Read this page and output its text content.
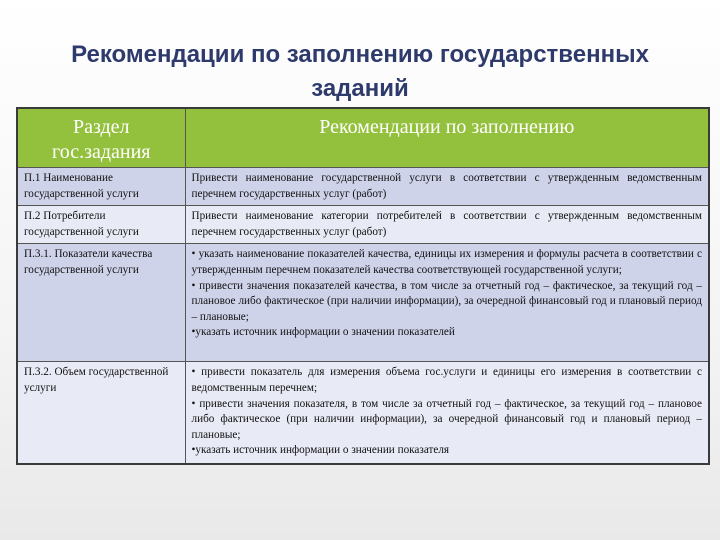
Рекомендации по заполнению государственных
заданий
Раздел
гос.задания	Рекомендации по заполнению
П.1 Наименование государственной услуги	Привести наименование государственной услуги в соответствии с утвержденным ведомственным перечнем государственных услуг (работ)

П.2 Потребители государственной услуги	Привести наименование категории потребителей в соответствии с утвержденным ведомственным перечнем государственных услуг (работ)

П.3.1. Показатели качества государственной услуги	• указать наименование показателей качества, единицы их измерения и формулы расчета в соответствии с утвержденным перечнем показателей качества соответствующей государственной услуги;

• привести значения показателей качества, в том числе за отчетный год – фактическое, за текущий год – плановое либо фактическое (при наличии информации), за очередной финансовый год и плановый период – плановые;

•указать источник информации о значении показателей

П.3.2. Объем государственной услуги	• привести показатель для измерения объема гос.услуги и единицы его измерения в соответствии с ведомственным перечнем;

• привести значения показателя, в том числе за отчетный год – фактическое, за текущий год – плановое либо фактическое (при наличии информации), за очередной финансовый год и плановый период – плановые;

•указать источник информации о значении показателя
